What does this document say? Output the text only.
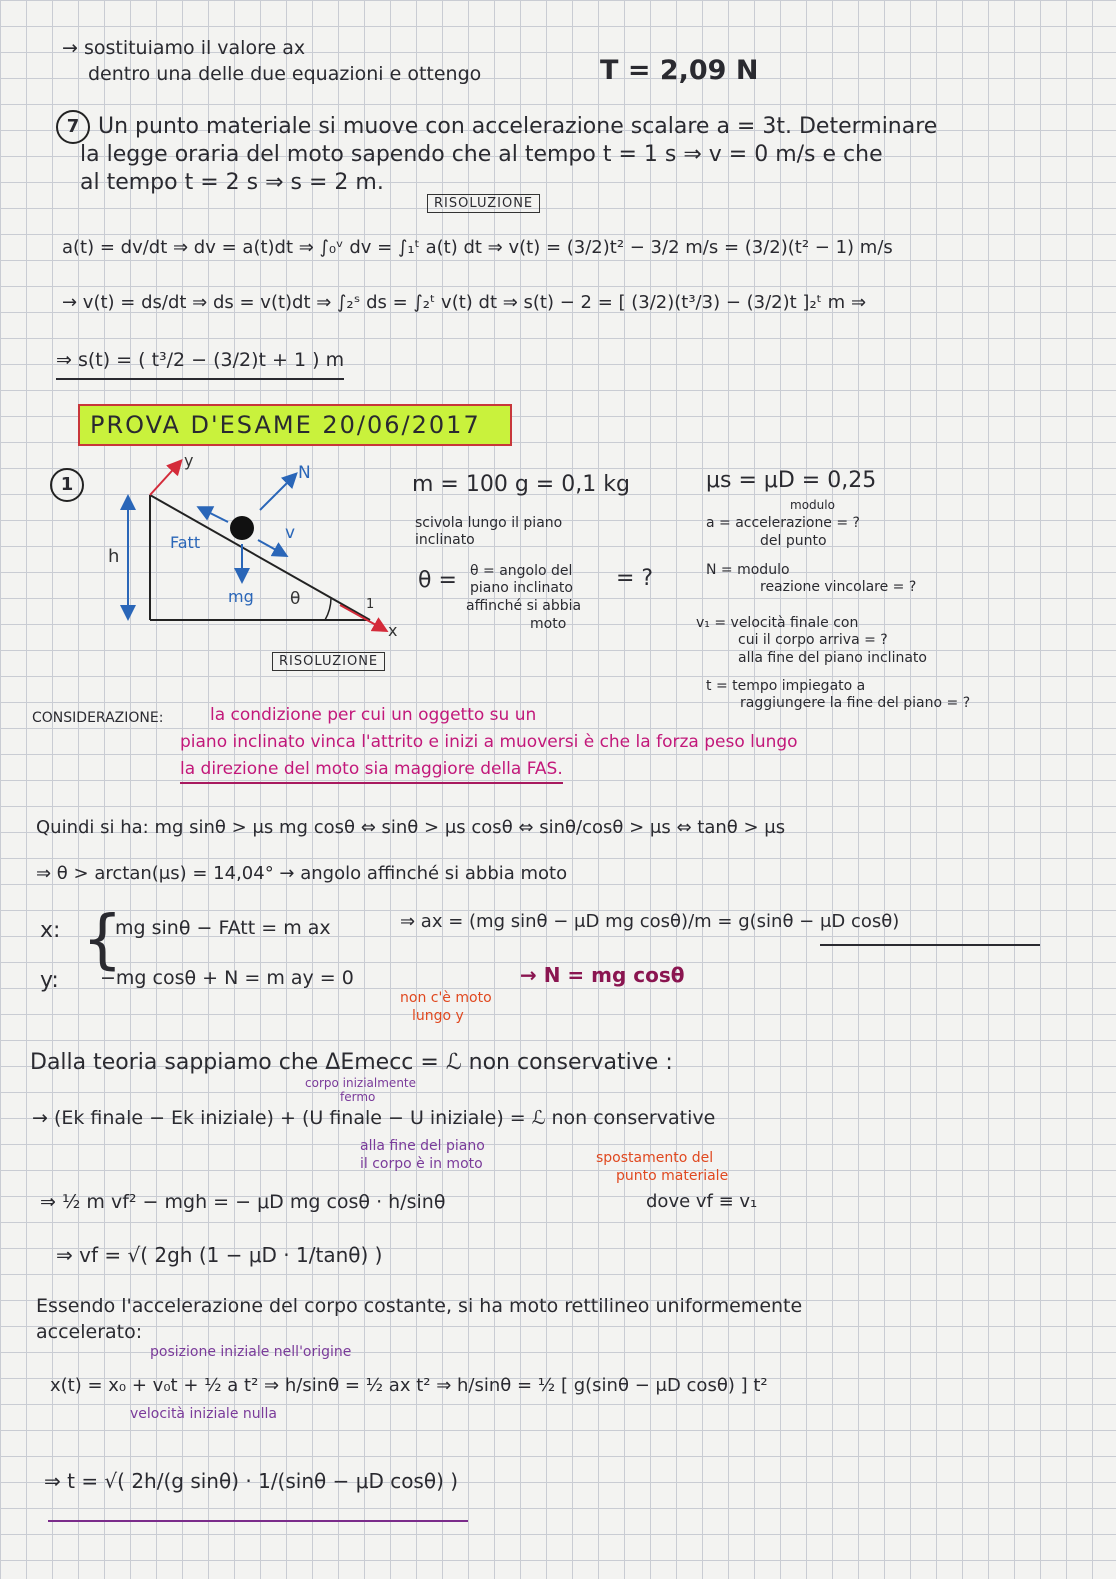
→ sostituiamo il valore ax
dentro una delle due equazioni e ottengo	T = 2,09 N
7 Un punto materiale si muove con accelerazione scalare a = 3t. Determinare
la legge oraria del moto sapendo che al tempo t = 1 s ⇒ v = 0 m/s e che
al tempo t = 2 s ⇒ s = 2 m.
RISOLUZIONE
a(t) = dv/dt ⇒ dv = a(t)dt ⇒ ∫₀ᵛ dv = ∫₁ᵗ a(t) dt ⇒ v(t) = (3/2)t² − 3/2 m/s = (3/2)(t² − 1) m/s
→ v(t) = ds/dt ⇒ ds = v(t)dt ⇒ ∫₂ˢ ds = ∫₂ᵗ v(t) dt ⇒ s(t) − 2 = [ (3/2)(t³/3) − (3/2)t ]₂ᵗ m ⇒
⇒ s(t) = ( t³/2 − (3/2)t + 1 ) m
PROVA D'ESAME 20/06/2017
1
y
x
N
v
Fatt
mg
h
θ	1
RISOLUZIONE
m = 100 g = 0,1 kg
scivola lungo il piano
inclinato
θ = θ = angolo del
piano inclinato
affinché si abbia
moto
= ?
μs = μD = 0,25
modulo
a = accelerazione = ?
del punto
N = modulo
reazione vincolare = ?
v₁ = velocità finale con
cui il corpo arriva = ?
alla fine del piano inclinato
t = tempo impiegato a
raggiungere la fine del piano = ?
CONSIDERAZIONE:	la condizione per cui un oggetto su un
piano inclinato vinca l'attrito e inizi a muoversi è che la forza peso lungo
la direzione del moto sia maggiore della FAS.
Quindi si ha: mg sinθ > μs mg cosθ ⇔ sinθ > μs cosθ ⇔ sinθ/cosθ > μs ⇔ tanθ > μs
⇒ θ > arctan(μs) = 14,04° → angolo affinché si abbia moto
{
x:	mg sinθ − FAtt = m ax	⇒ ax = (mg sinθ − μD mg cosθ)/m = g(sinθ − μD cosθ)
y: −mg cosθ + N = m ay = 0	→ N = mg cosθ
non c'è moto
lungo y
Dalla teoria sappiamo che ΔEmecc = ℒ non conservative :
corpo inizialmente
fermo
→ (Ek finale − Ek iniziale) + (U finale − U iniziale) = ℒ non conservative
alla fine del piano
il corpo è in moto	spostamento del
punto materiale
⇒ ½ m vf² − mgh = − μD mg cosθ · h/sinθ	dove vf ≡ v₁
⇒ vf = √( 2gh (1 − μD · 1/tanθ) )
Essendo l'accelerazione del corpo costante, si ha moto rettilineo uniformemente
accelerato:
posizione iniziale nell'origine
x(t) = x₀ + v₀t + ½ a t² ⇒ h/sinθ = ½ ax t² ⇒ h/sinθ = ½ [ g(sinθ − μD cosθ) ] t²
velocità iniziale nulla
⇒ t = √( 2h/(g sinθ) · 1/(sinθ − μD cosθ) )
